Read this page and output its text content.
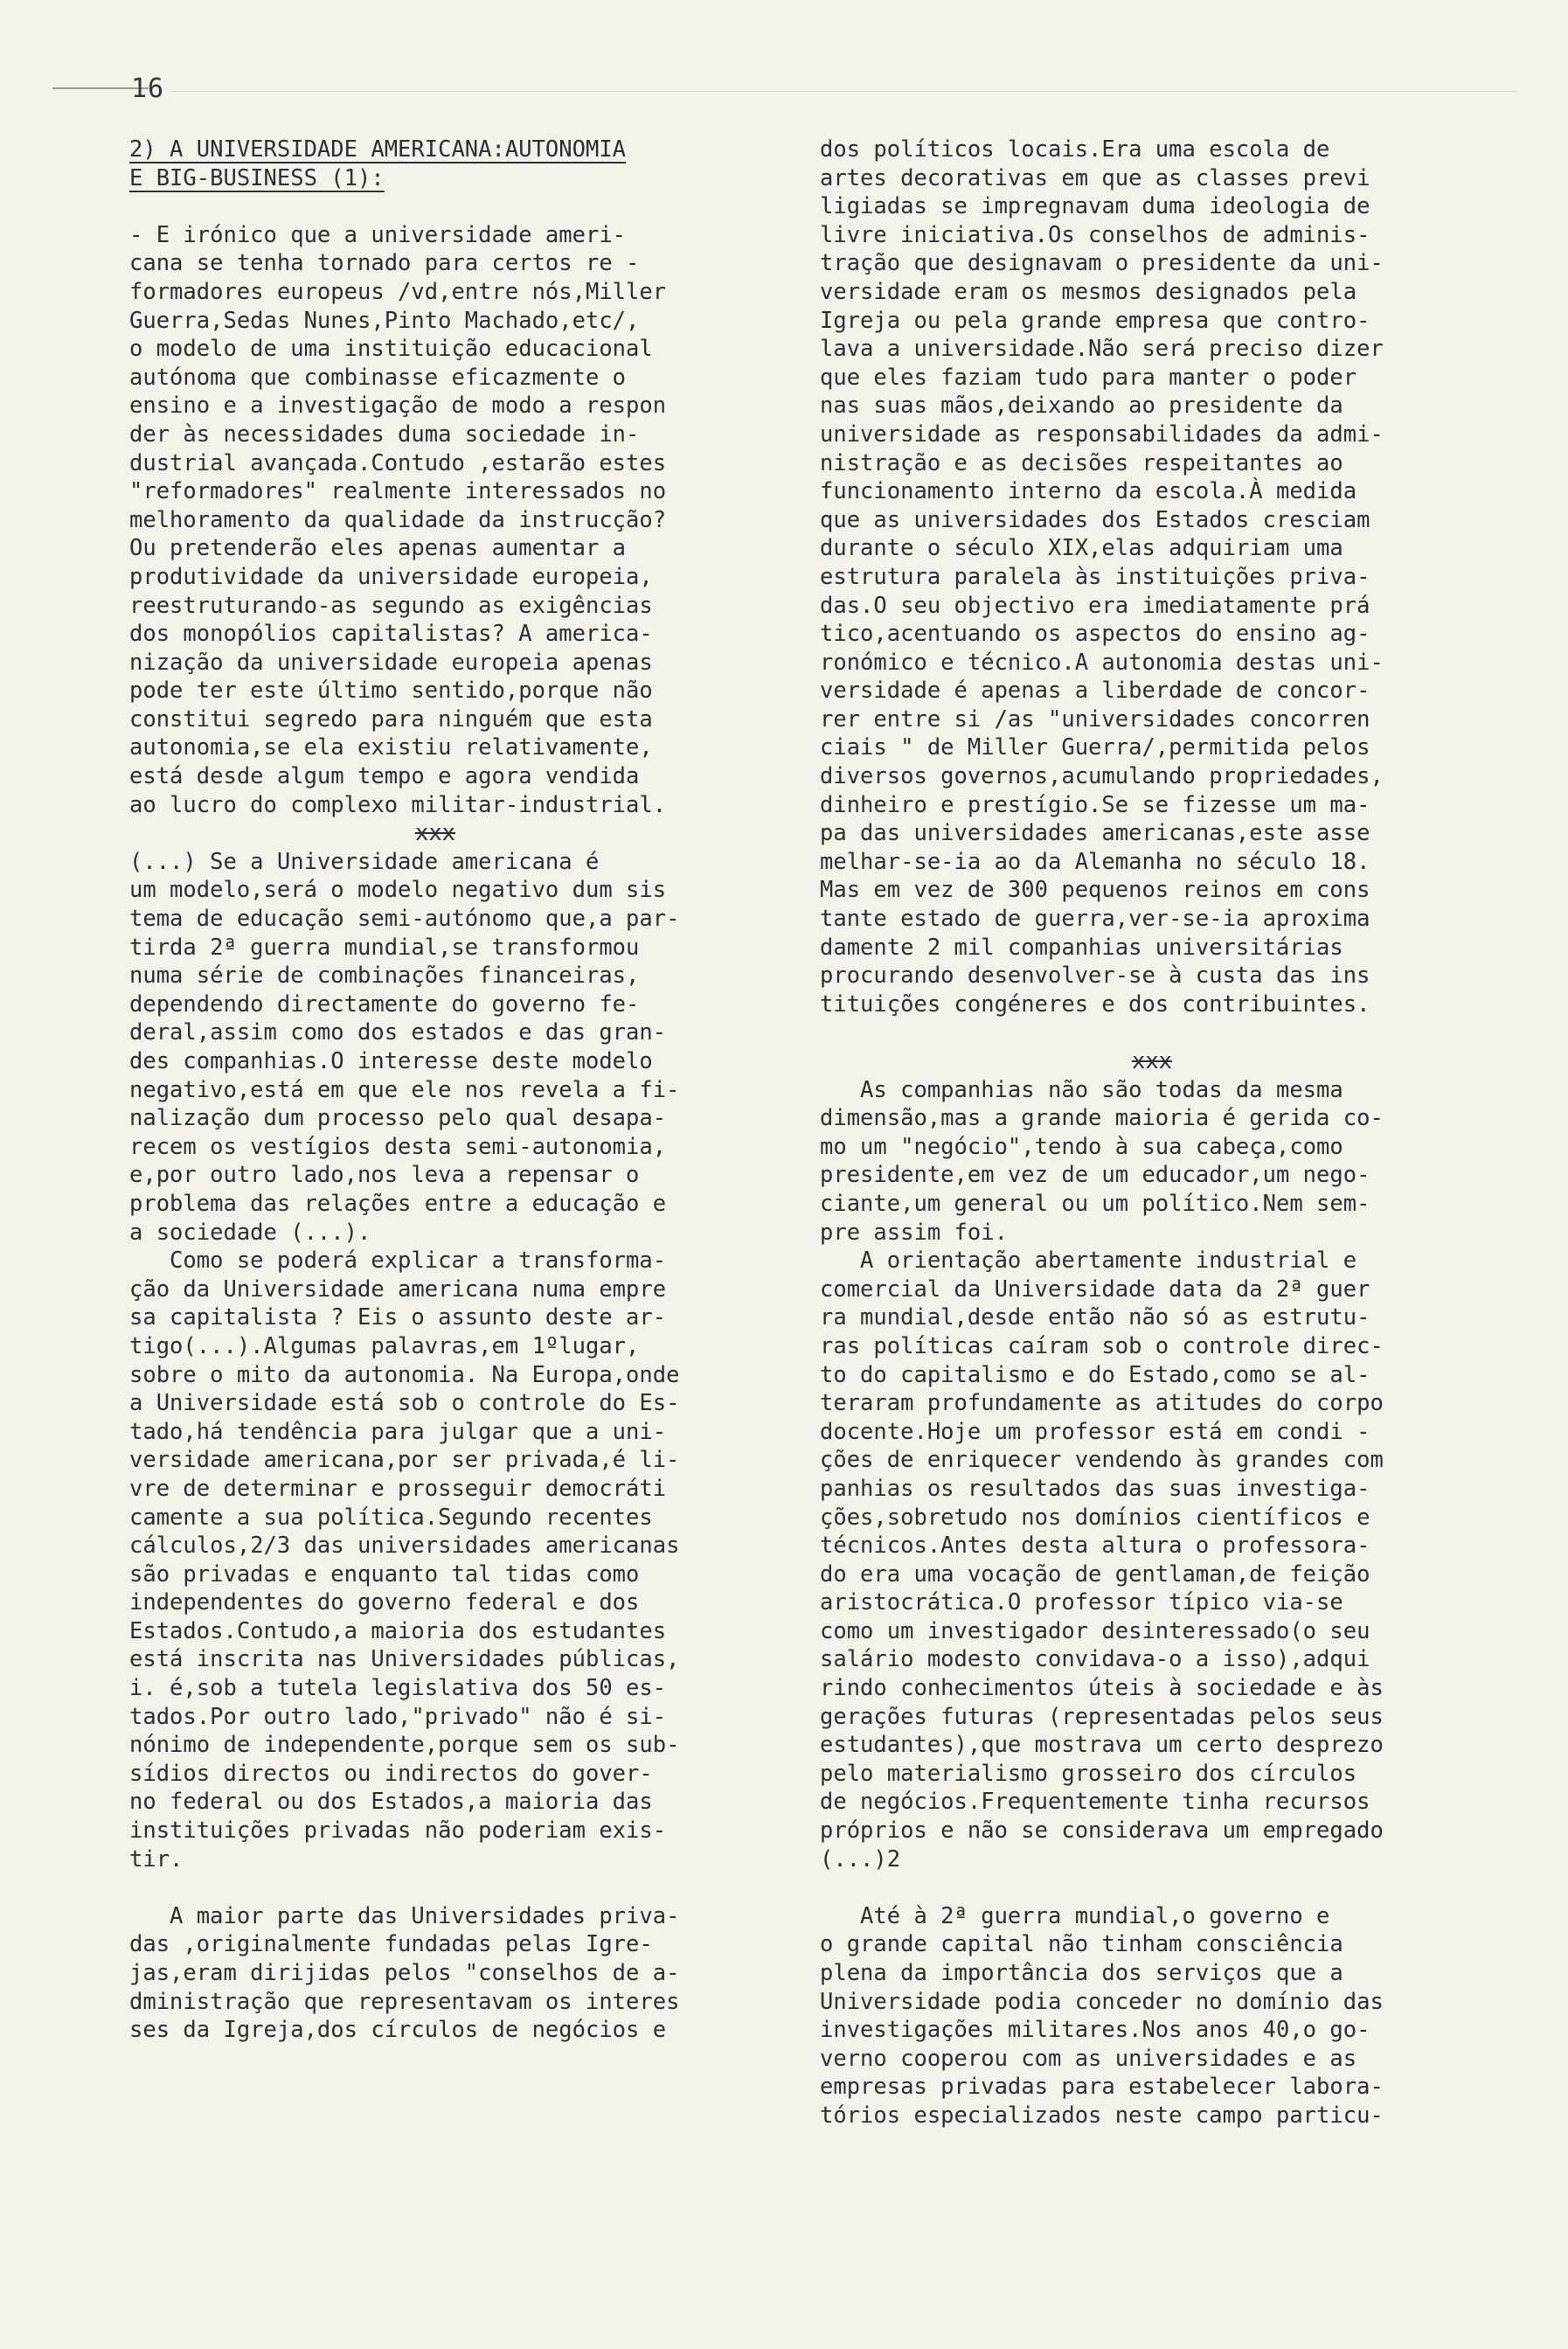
16
2) A UNIVERSIDADE AMERICANA:AUTONOMIA
E BIG-BUSINESS (1):
- E irónico que a universidade ameri-
cana se tenha tornado para certos re -
formadores europeus /vd,entre nós,Miller
Guerra,Sedas Nunes,Pinto Machado,etc/,
o modelo de uma instituição educacional
autónoma que combinasse eficazmente o
ensino e a investigação de modo a respon
der às necessidades duma sociedade in-
dustrial avançada.Contudo ,estarão estes
"reformadores" realmente interessados no
melhoramento da qualidade da instrucção?
Ou pretenderão eles apenas aumentar a
produtividade da universidade europeia,
reestruturando-as segundo as exigências
dos monopólios capitalistas? A america-
nização da universidade europeia apenas
pode ter este último sentido,porque não
constitui segredo para ninguém que esta
autonomia,se ela existiu relativamente,
está desde algum tempo e agora vendida
ao lucro do complexo militar-industrial.
xxx
(...) Se a Universidade americana é
um modelo,será o modelo negativo dum sis
tema de educação semi-autónomo que,a par-
tirda 2ª guerra mundial,se transformou
numa série de combinações financeiras,
dependendo directamente do governo fe-
deral,assim como dos estados e das gran-
des companhias.O interesse deste modelo
negativo,está em que ele nos revela a fi-
nalização dum processo pelo qual desapa-
recem os vestígios desta semi-autonomia,
e,por outro lado,nos leva a repensar o
problema das relações entre a educação e
a sociedade (...).
Como se poderá explicar a transforma-
ção da Universidade americana numa empre
sa capitalista ? Eis o assunto deste ar-
tigo(...).Algumas palavras,em 1ºlugar,
sobre o mito da autonomia. Na Europa,onde
a Universidade está sob o controle do Es-
tado,há tendência para julgar que a uni-
versidade americana,por ser privada,é li-
vre de determinar e prosseguir democráti
camente a sua política.Segundo recentes
cálculos,2/3 das universidades americanas
são privadas e enquanto tal tidas como
independentes do governo federal e dos
Estados.Contudo,a maioria dos estudantes
está inscrita nas Universidades públicas,
i. é,sob a tutela legislativa dos 50 es-
tados.Por outro lado,"privado" não é si-
nónimo de independente,porque sem os sub-
sídios directos ou indirectos do gover-
no federal ou dos Estados,a maioria das
instituições privadas não poderiam exis-
tir.
A maior parte das Universidades priva-
das ,originalmente fundadas pelas Igre-
jas,eram dirijidas pelos "conselhos de a-
dministração que representavam os interes
ses da Igreja,dos círculos de negócios e
dos políticos locais.Era uma escola de
artes decorativas em que as classes previ
ligiadas se impregnavam duma ideologia de
livre iniciativa.Os conselhos de adminis-
tração que designavam o presidente da uni-
versidade eram os mesmos designados pela
Igreja ou pela grande empresa que contro-
lava a universidade.Não será preciso dizer
que eles faziam tudo para manter o poder
nas suas mãos,deixando ao presidente da
universidade as responsabilidades da admi-
nistração e as decisões respeitantes ao
funcionamento interno da escola.À medida
que as universidades dos Estados cresciam
durante o século XIX,elas adquiriam uma
estrutura paralela às instituições priva-
das.O seu objectivo era imediatamente prá
tico,acentuando os aspectos do ensino ag-
ronómico e técnico.A autonomia destas uni-
versidade é apenas a liberdade de concor-
rer entre si /as "universidades concorren
ciais " de Miller Guerra/,permitida pelos
diversos governos,acumulando propriedades,
dinheiro e prestígio.Se se fizesse um ma-
pa das universidades americanas,este asse
melhar-se-ia ao da Alemanha no século 18.
Mas em vez de 300 pequenos reinos em cons
tante estado de guerra,ver-se-ia aproxima
damente 2 mil companhias universitárias
procurando desenvolver-se à custa das ins
tituições congéneres e dos contribuintes.
xxx
As companhias não são todas da mesma
dimensão,mas a grande maioria é gerida co-
mo um "negócio",tendo à sua cabeça,como
presidente,em vez de um educador,um nego-
ciante,um general ou um político.Nem sem-
pre assim foi.
A orientação abertamente industrial e
comercial da Universidade data da 2ª guer
ra mundial,desde então não só as estrutu-
ras políticas caíram sob o controle direc-
to do capitalismo e do Estado,como se al-
teraram profundamente as atitudes do corpo
docente.Hoje um professor está em condi -
ções de enriquecer vendendo às grandes com
panhias os resultados das suas investiga-
ções,sobretudo nos domínios científicos e
técnicos.Antes desta altura o professora-
do era uma vocação de gentlaman,de feição
aristocrática.O professor típico via-se
como um investigador desinteressado(o seu
salário modesto convidava-o a isso),adqui
rindo conhecimentos úteis à sociedade e às
gerações futuras (representadas pelos seus
estudantes),que mostrava um certo desprezo
pelo materialismo grosseiro dos círculos
de negócios.Frequentemente tinha recursos
próprios e não se considerava um empregado
(...)2
Até à 2ª guerra mundial,o governo e
o grande capital não tinham consciência
plena da importância dos serviços que a
Universidade podia conceder no domínio das
investigações militares.Nos anos 40,o go-
verno cooperou com as universidades e as
empresas privadas para estabelecer labora-
tórios especializados neste campo particu-
